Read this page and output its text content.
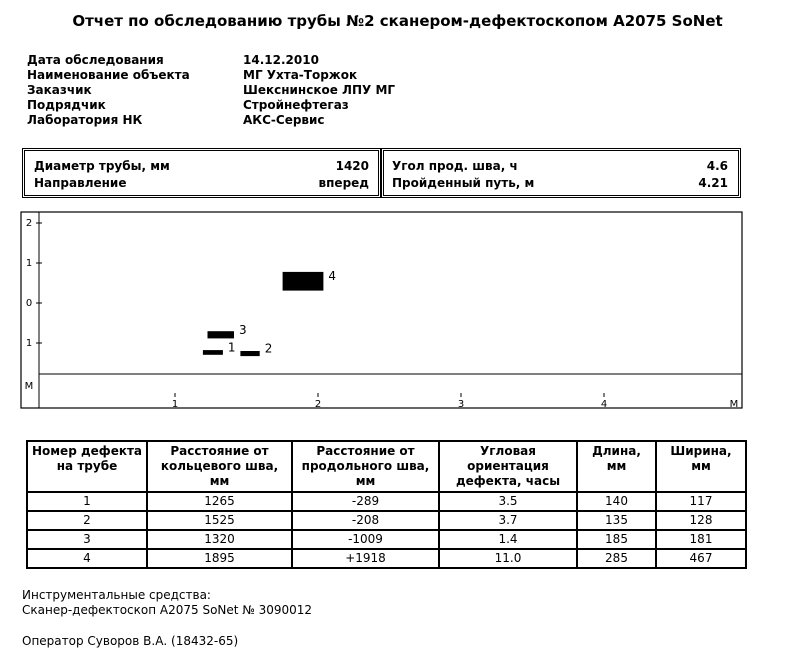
Отчет по обследованию трубы №2 сканером-дефектоскопом А2075 SoNet
Дата обследования	14.12.2010
Наименование объекта	МГ Ухта-Торжок
Заказчик	Шекснинское ЛПУ МГ
Подрядчик	Стройнефтегаз
Лаборатория НК	АКС-Сервис
Диаметр трубы, мм	1420
Направление	вперед
Угол прод. шва, ч	4.6
Пройденный путь, м	4.21
1	2	3	4	М
2
1
0
1
М
1 2
3
4
Номер дефекта на трубе	Расстояние от кольцевого шва, мм	Расстояние от продольного шва, мм	Угловая ориентация дефекта, часы	Длина, мм	Ширина, мм
1	1265	-289	3.5	140	117
2	1525	-208	3.7	135	128
3	1320	-1009	1.4	185	181
4	1895	+1918	11.0	285	467
Инструментальные средства:
Сканер-дефектоскоп А2075 SoNet № 3090012
Оператор Суворов В.А. (18432-65)
